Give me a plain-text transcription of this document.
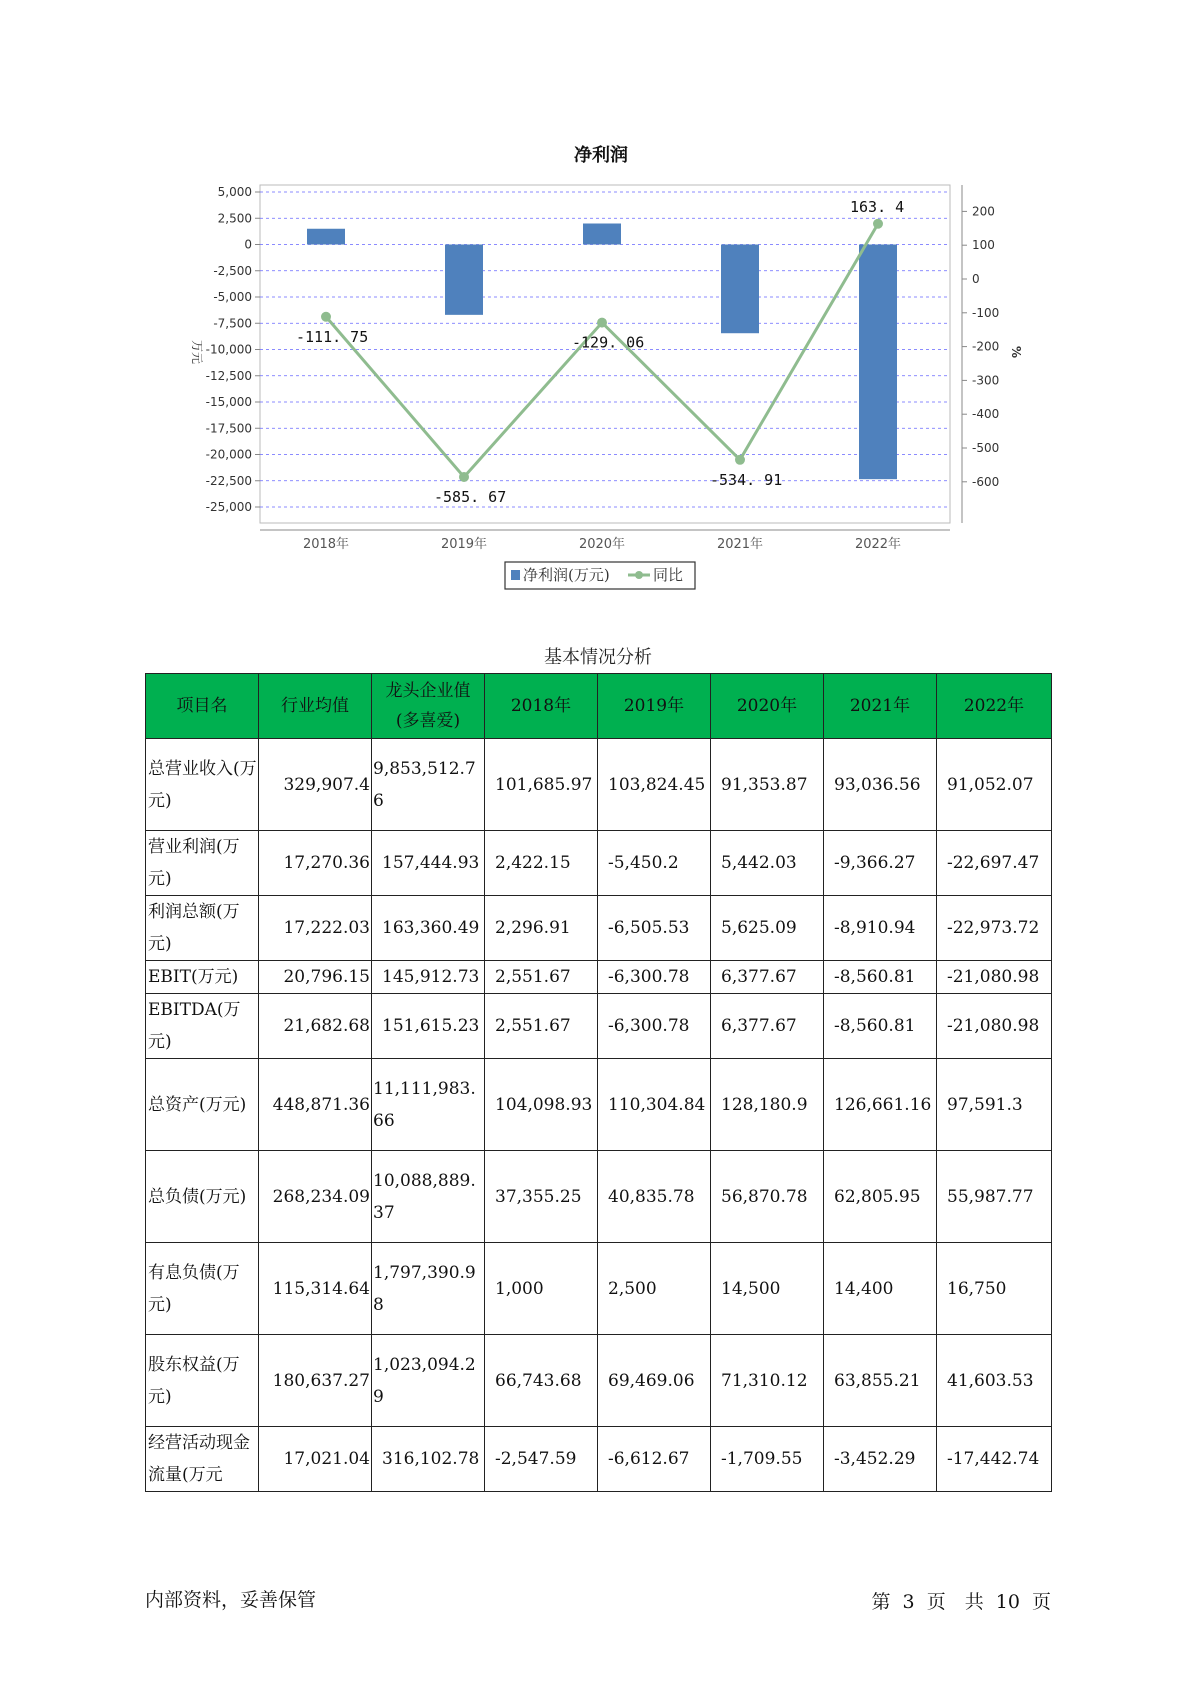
净利润
5,000
2,500
0
-2,500
-5,000
-7,500
-10,000
-12,500
-15,000
-17,500
-20,000
-22,500
-25,000
200
100
0
-100
-200
-300
-400
-500
-600
万元	%
2018年	2019年	2020年	2021年	2022年
-111. 75
-585. 67
-129. 06
-534. 91
163. 4
净利润(万元)	同比
基本情况分析
项目名	行业均值	龙头企业值(多喜爱)	2018年	2019年	2020年	2021年	2022年
总营业收入(万元)	329,907.4	9,853,512.76	101,685.97	103,824.45	91,353.87	93,036.56	91,052.07
营业利润(万元)	17,270.36	157,444.93	2,422.15	-5,450.2	5,442.03	-9,366.27	-22,697.47
利润总额(万元)	17,222.03	163,360.49	2,296.91	-6,505.53	5,625.09	-8,910.94	-22,973.72
EBIT(万元)	20,796.15	145,912.73	2,551.67	-6,300.78	6,377.67	-8,560.81	-21,080.98
EBITDA(万元)	21,682.68	151,615.23	2,551.67	-6,300.78	6,377.67	-8,560.81	-21,080.98
总资产(万元)	448,871.36	11,111,983.66	104,098.93	110,304.84	128,180.9	126,661.16	97,591.3
总负债(万元)	268,234.09	10,088,889.37	37,355.25	40,835.78	56,870.78	62,805.95	55,987.77
有息负债(万元)	115,314.64	1,797,390.98	1,000	2,500	14,500	14,400	16,750
股东权益(万元)	180,637.27	1,023,094.29	66,743.68	69,469.06	71,310.12	63,855.21	41,603.53
经营活动现金流量(万元	17,021.04	316,102.78	-2,547.59	-6,612.67	-1,709.55	-3,452.29	-17,442.74
内部资料，妥善保管	第 3 页　共 10 页
